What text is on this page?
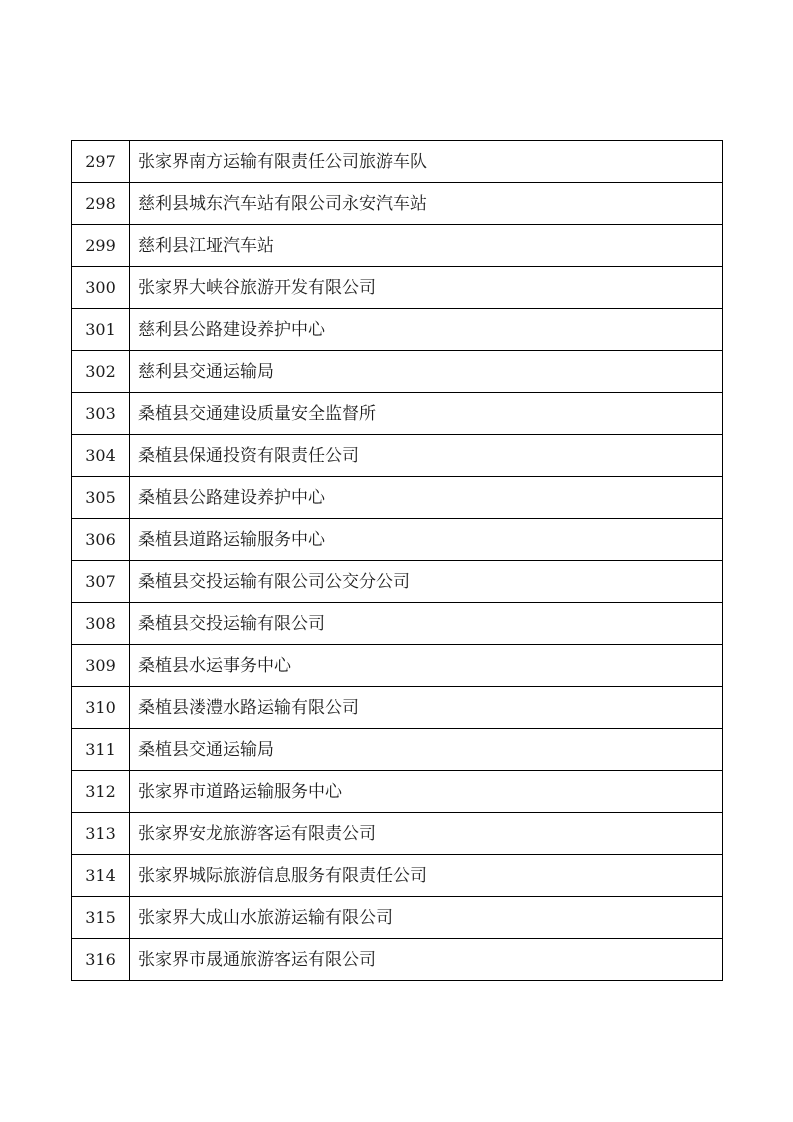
297	张家界南方运输有限责任公司旅游车队
298	慈利县城东汽车站有限公司永安汽车站
299	慈利县江垭汽车站
300	张家界大峡谷旅游开发有限公司
301	慈利县公路建设养护中心
302	慈利县交通运输局
303	桑植县交通建设质量安全监督所
304	桑植县保通投资有限责任公司
305	桑植县公路建设养护中心
306	桑植县道路运输服务中心
307	桑植县交投运输有限公司公交分公司
308	桑植县交投运输有限公司
309	桑植县水运事务中心
310	桑植县溇澧水路运输有限公司
311	桑植县交通运输局
312	张家界市道路运输服务中心
313	张家界安龙旅游客运有限责公司
314	张家界城际旅游信息服务有限责任公司
315	张家界大成山水旅游运输有限公司
316	张家界市晟通旅游客运有限公司
